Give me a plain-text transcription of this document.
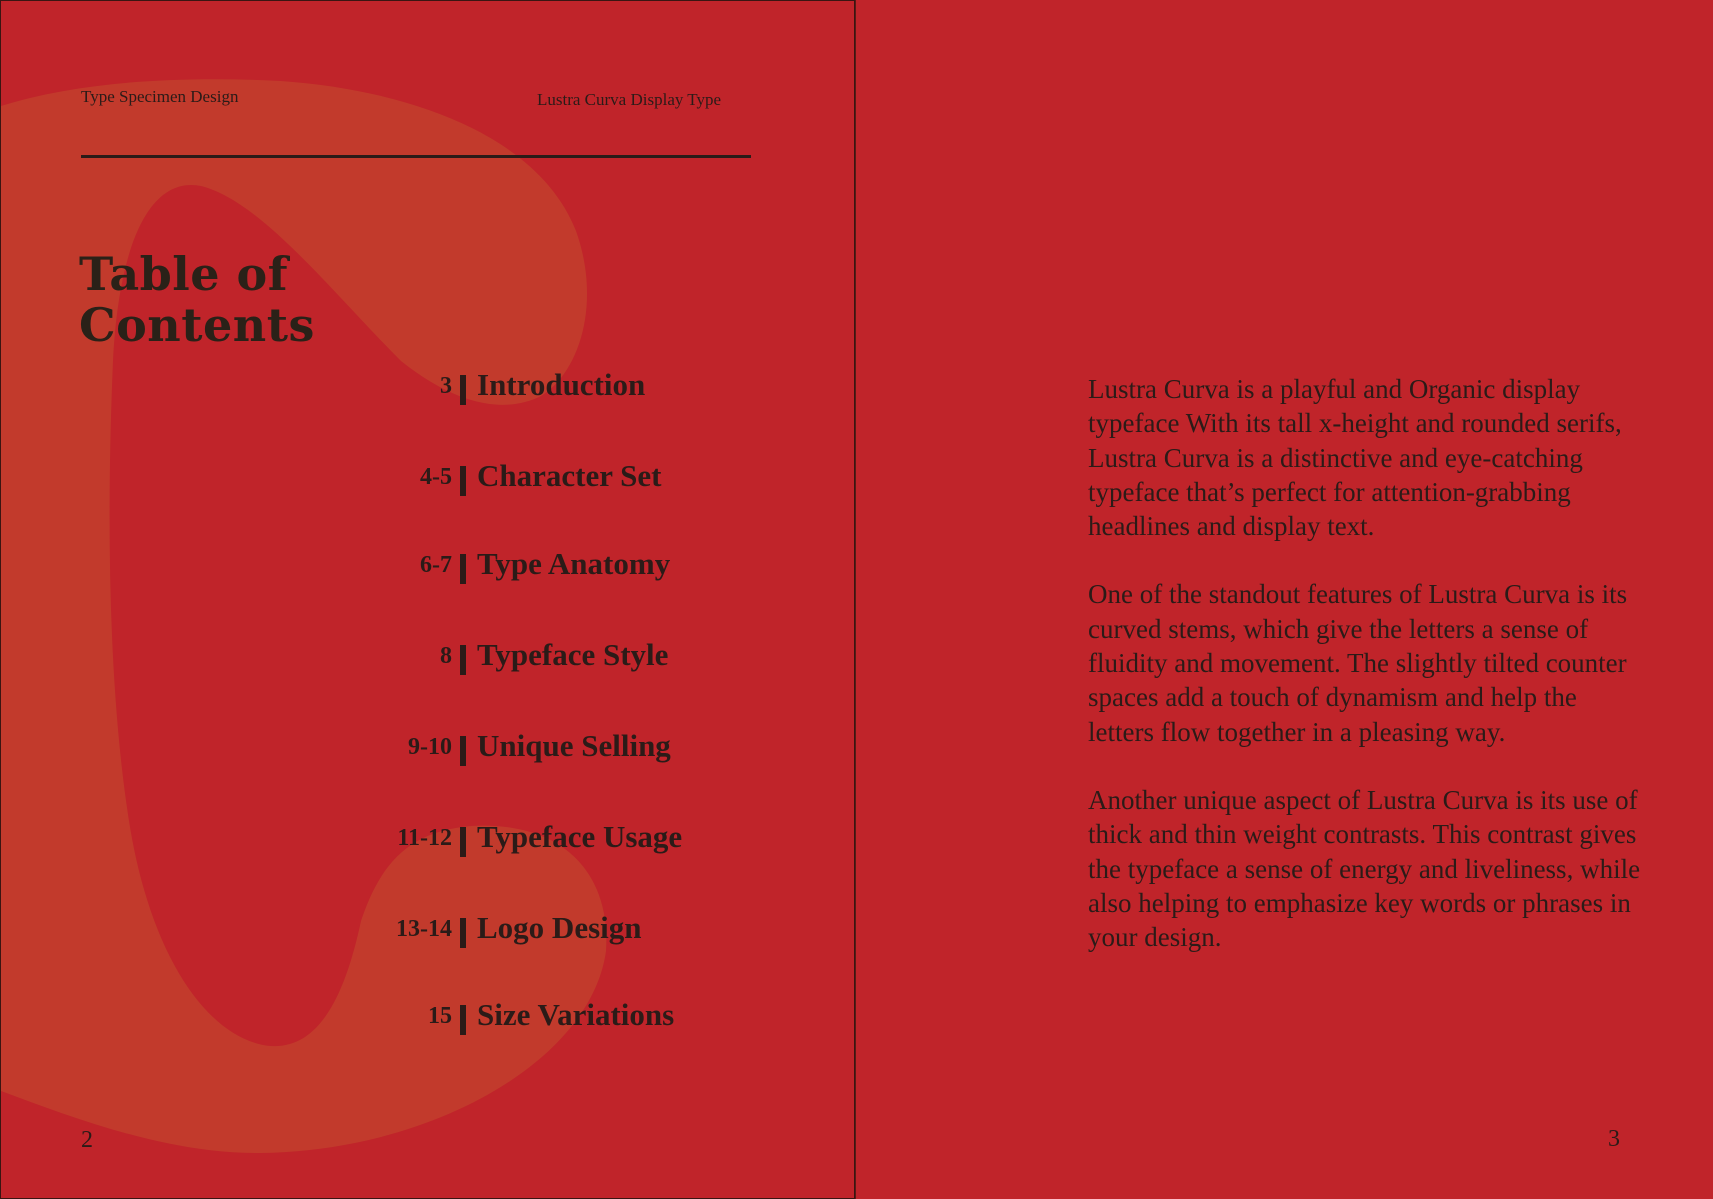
Type Specimen Design	Lustra Curva Display Type
Table of Contents
3 Introduction
4-5 Character Set
6-7 Type Anatomy
8 Typeface Style
9-10 Unique Selling
11-12 Typeface Usage
13-14 Logo Design
15 Size Variations
2

Lustra Curva is a playful and Organic display typeface With its tall x-height and rounded serifs, Lustra Curva is a distinctive and eye-catching typeface that’s perfect for attention-grabbing headlines and display text.

One of the standout features of Lustra Curva is its curved stems, which give the letters a sense of fluidity and movement. The slightly tilted counter spaces add a touch of dynamism and help the letters flow together in a pleasing way.

Another unique aspect of Lustra Curva is its use of thick and thin weight contrasts. This contrast gives the typeface a sense of energy and liveliness, while also helping to emphasize key words or phrases in your design.

3
